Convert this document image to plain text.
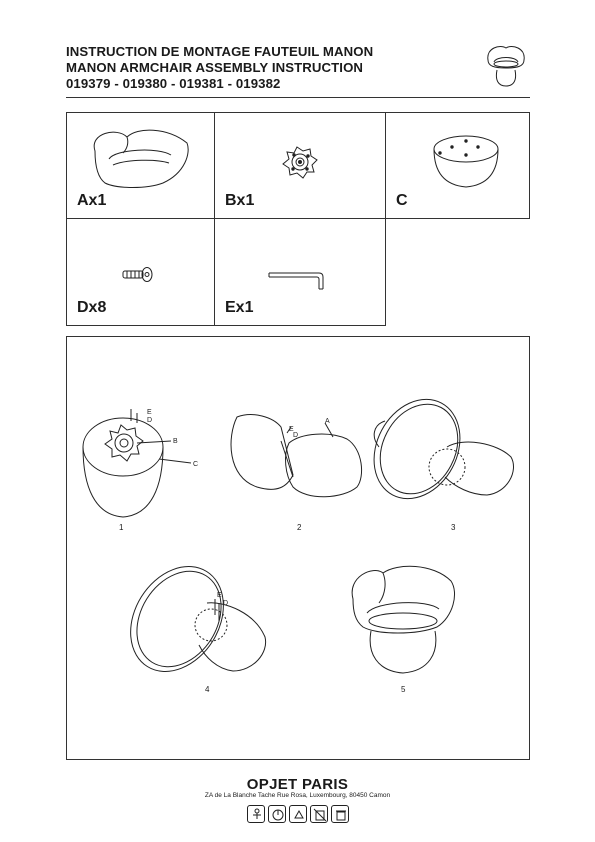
INSTRUCTION DE MONTAGE FAUTEUIL MANON
MANON ARMCHAIR ASSEMBLY INSTRUCTION
019379 - 019380 - 019381 - 019382
Ax1	Bx1	C
Dx8	Ex1
E
D
B
C
E
D
A
E
D
1	2	3
4	5
OPJET PARIS
ZA de La Blanche Tache Rue Rosa, Luxembourg, 80450 Camon
